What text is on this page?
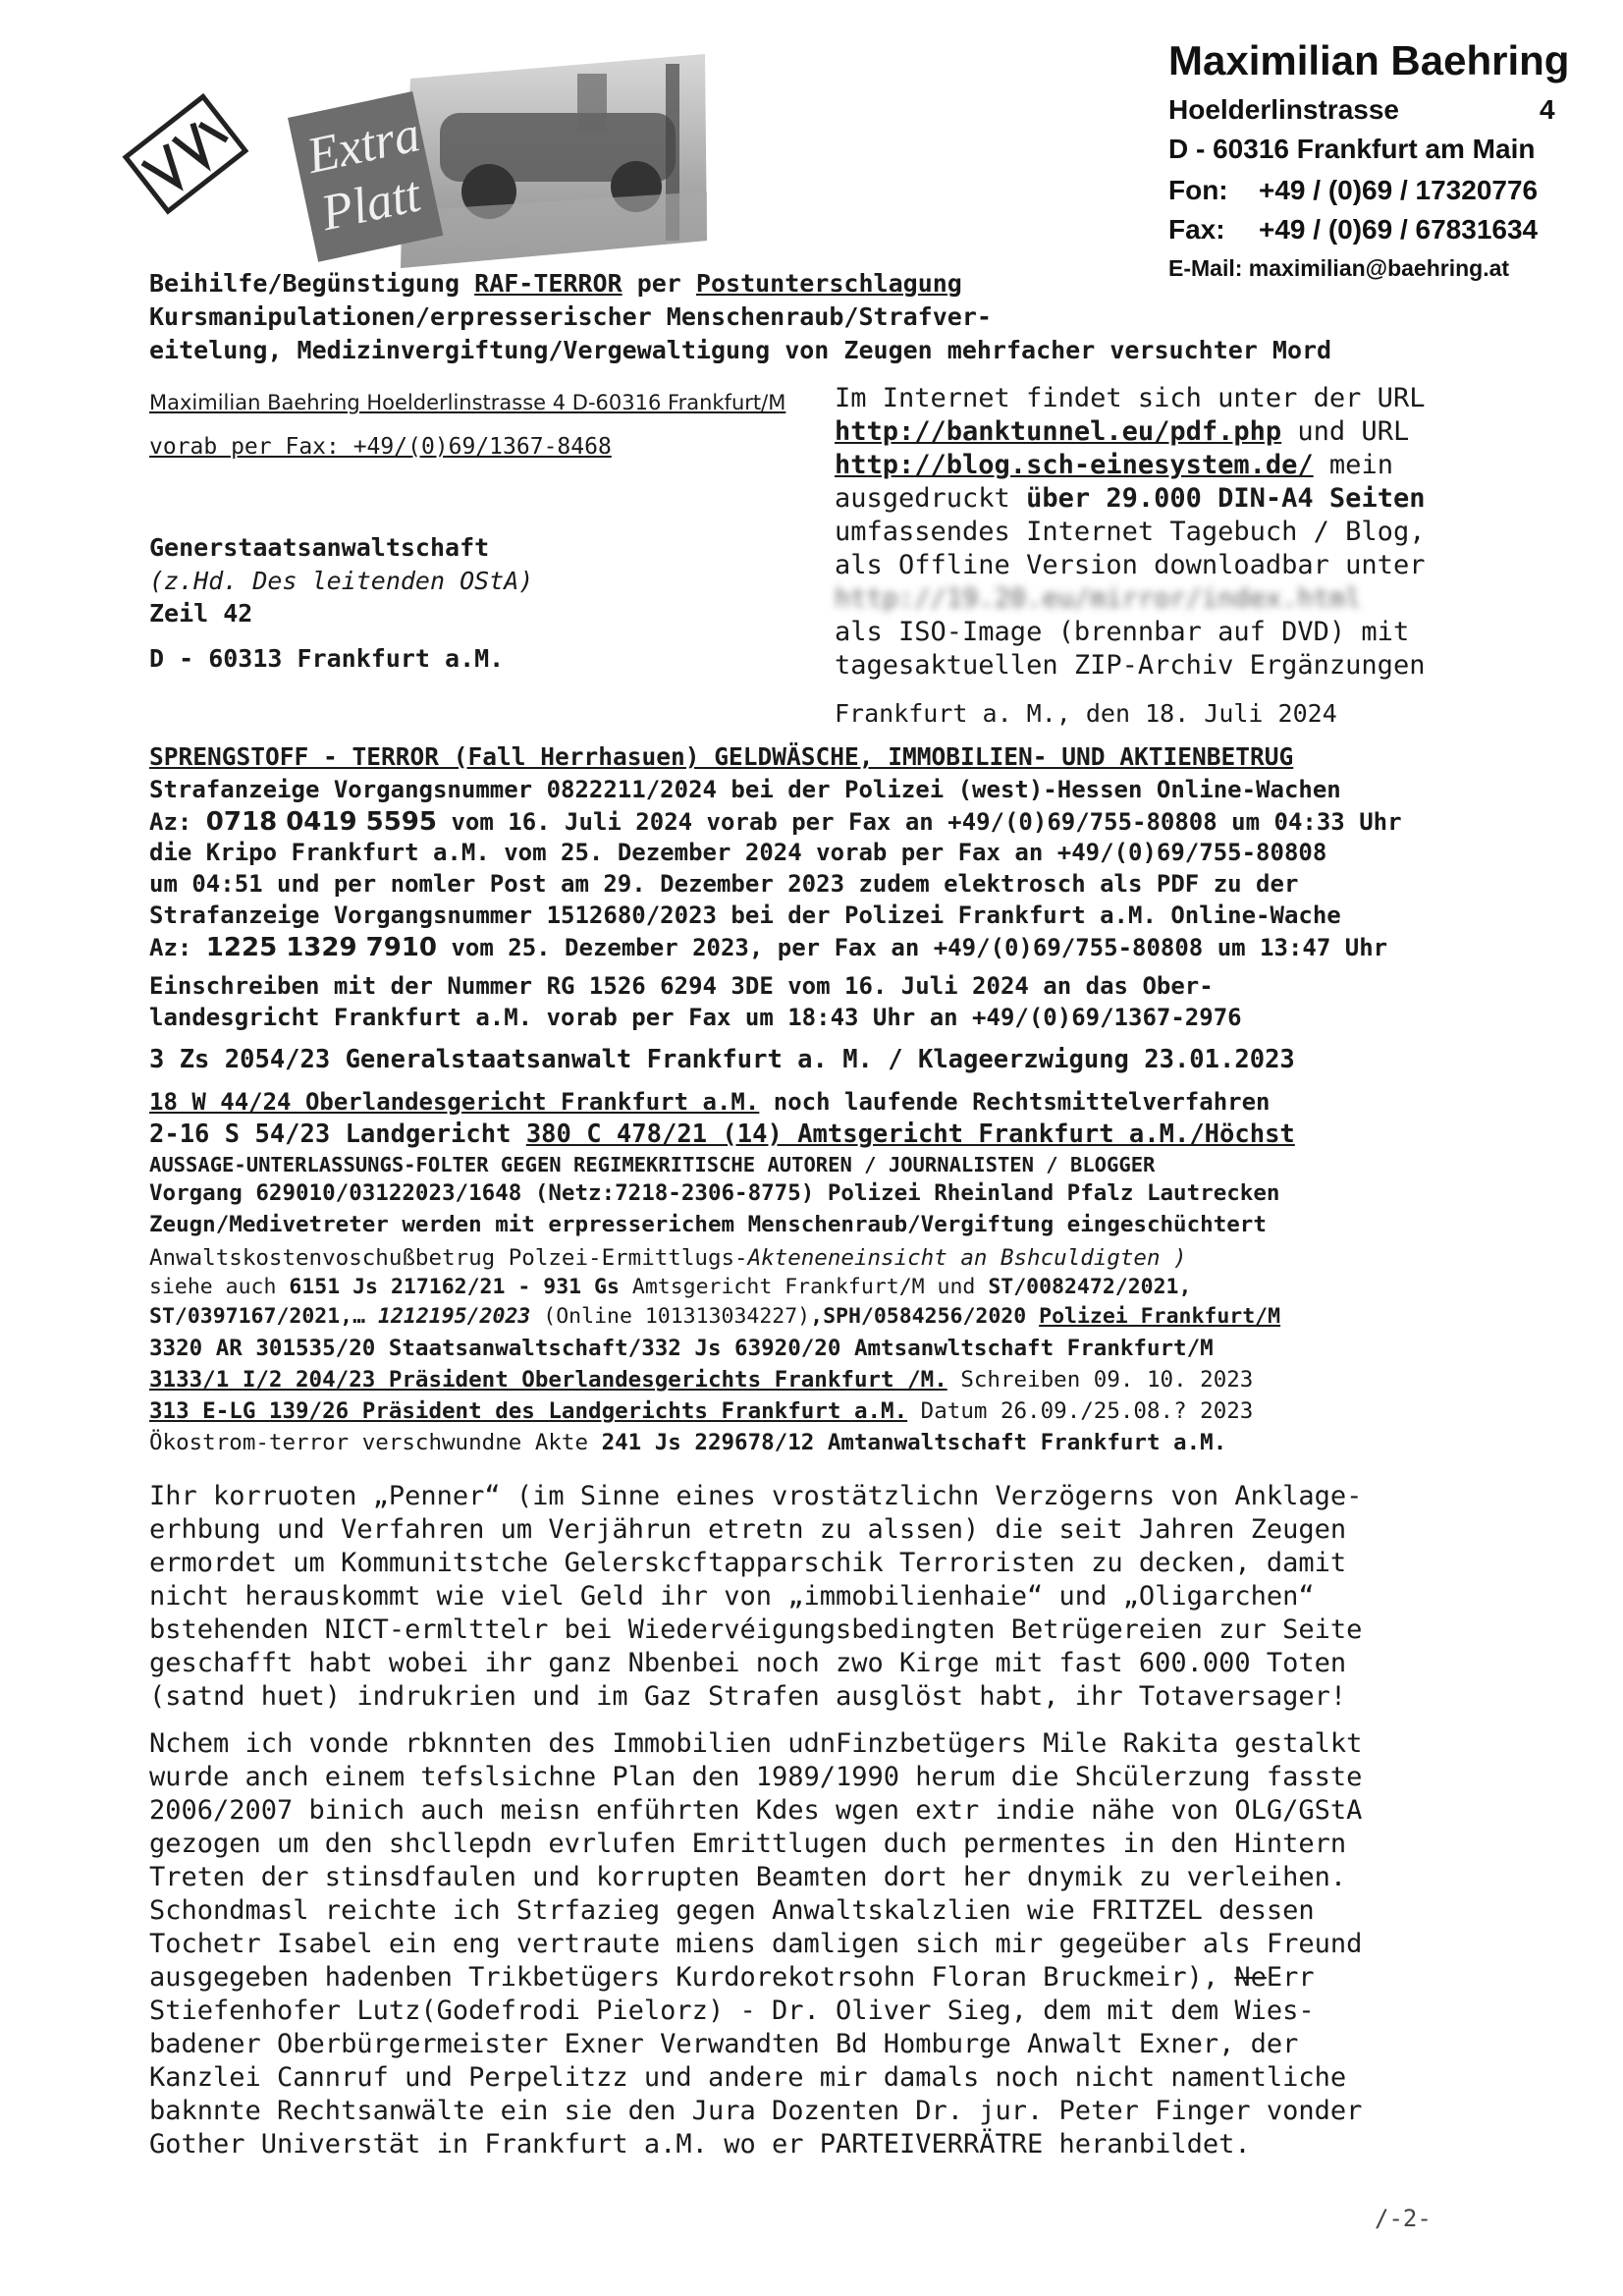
Extra
Platt
Maximilian Baehring
Hoelderlinstrasse	4
D - 60316 Frankfurt am Main
Fon: +49 / (0)69 / 17320776
Fax: +49 / (0)69 / 67831634
E-Mail: maximilian@baehring.at
Beihilfe/Begünstigung RAF-TERROR per Postunterschlagung
Kursmanipulationen/erpresserischer Menschenraub/Strafver-
eitelung, Medizinvergiftung/Vergewaltigung von Zeugen mehrfacher versuchter Mord
Maximilian Baehring Hoelderlinstrasse 4 D-60316 Frankfurt/M
vorab per Fax: +49/(0)69/1367-8468
Generstaatsanwaltschaft
(z.Hd. Des leitenden OStA)
Zeil 42
D - 60313 Frankfurt a.M.
Im Internet findet sich unter der URL
http://banktunnel.eu/pdf.php und URL
http://blog.sch-einesystem.de/ mein
ausgedruckt über 29.000 DIN-A4 Seiten
umfassendes Internet Tagebuch / Blog,
als Offline Version downloadbar unter
http://19.20.eu/mirror/index.html
als ISO-Image (brennbar auf DVD) mit
tagesaktuellen ZIP-Archiv Ergänzungen
Frankfurt a. M., den 18. Juli 2024
SPRENGSTOFF - TERROR (Fall Herrhasuen) GELDWÄSCHE, IMMOBILIEN- UND AKTIENBETRUG
Strafanzeige Vorgangsnummer 0822211/2024 bei der Polizei (west)-Hessen Online-Wachen
Az: 0718 0419 5595 vom 16. Juli 2024 vorab per Fax an +49/(0)69/755-80808 um 04:33 Uhr
die Kripo Frankfurt a.M. vom 25. Dezember 2024 vorab per Fax an +49/(0)69/755-80808
um 04:51 und per nomler Post am 29. Dezember 2023 zudem elektrosch als PDF zu der
Strafanzeige Vorgangsnummer 1512680/2023 bei der Polizei Frankfurt a.M. Online-Wache
Az: 1225 1329 7910 vom 25. Dezember 2023, per Fax an +49/(0)69/755-80808 um 13:47 Uhr
Einschreiben mit der Nummer RG 1526 6294 3DE vom 16. Juli 2024 an das Ober-
landesgricht Frankfurt a.M. vorab per Fax um 18:43 Uhr an +49/(0)69/1367-2976
3 Zs 2054/23 Generalstaatsanwalt Frankfurt a. M. / Klageerzwigung 23.01.2023
18 W 44/24 Oberlandesgericht Frankfurt a.M. noch laufende Rechtsmittelverfahren
2-16 S 54/23 Landgericht 380 C 478/21 (14) Amtsgericht Frankfurt a.M./Höchst
AUSSAGE-UNTERLASSUNGS-FOLTER GEGEN REGIMEKRITISCHE AUTOREN / JOURNALISTEN / BLOGGER
Vorgang 629010/03122023/1648 (Netz:7218-2306-8775) Polizei Rheinland Pfalz Lautrecken
Zeugn/Medivetreter werden mit erpresserichem Menschenraub/Vergiftung eingeschüchtert
Anwaltskostenvoschußbetrug Polzei-Ermittlugs-Akteneneinsicht an Bshculdigten )
siehe auch 6151 Js 217162/21 - 931 Gs Amtsgericht Frankfurt/M und ST/0082472/2021,
ST/0397167/2021,… 1212195/2023 (Online 101313034227),SPH/0584256/2020 Polizei Frankfurt/M
3320 AR 301535/20 Staatsanwaltschaft/332 Js 63920/20 Amtsanwltschaft Frankfurt/M
3133/1 I/2 204/23 Präsident Oberlandesgerichts Frankfurt /M. Schreiben 09. 10. 2023
313 E-LG 139/26 Präsident des Landgerichts Frankfurt a.M. Datum 26.09./25.08.? 2023
Ökostrom-terror verschwundne Akte 241 Js 229678/12 Amtanwaltschaft Frankfurt a.M.
Ihr korruoten „Penner“ (im Sinne eines vrostätzlichn Verzögerns von Anklage-
erhbung und Verfahren um Verjährun etretn zu alssen) die seit Jahren Zeugen
ermordet um Kommunitstche Gelerskcftapparschik Terroristen zu decken, damit
nicht herauskommt wie viel Geld ihr von „immobilienhaie“ und „Oligarchen“
bstehenden NICT-ermlttelr bei Wiedervéigungsbedingten Betrügereien zur Seite
geschafft habt wobei ihr ganz Nbenbei noch zwo Kirge mit fast 600.000 Toten
(satnd huet) indrukrien und im Gaz Strafen ausglöst habt, ihr Totaversager!
Nchem ich vonde rbknnten des Immobilien udnFinzbetügers Mile Rakita gestalkt
wurde anch einem tefslsichne Plan den 1989/1990 herum die Shcülerzung fasste
2006/2007 binich auch meisn enführten Kdes wgen extr indie nähe von OLG/GStA
gezogen um den shcllepdn evrlufen Emrittlugen duch permentes in den Hintern
Treten der stinsdfaulen und korrupten Beamten dort her dnymik zu verleihen.
Schondmasl reichte ich Strfazieg gegen Anwaltskalzlien wie FRITZEL dessen
Tochetr Isabel ein eng vertraute miens damligen sich mir gegeüber als Freund
ausgegeben hadenben Trikbetügers Kurdorekotrsohn Floran Bruckmeir), NeErr
Stiefenhofer Lutz(Godefrodi Pielorz) - Dr. Oliver Sieg, dem mit dem Wies-
badener Oberbürgermeister Exner Verwandten Bd Homburge Anwalt Exner, der
Kanzlei Cannruf und Perpelitzz und andere mir damals noch nicht namentliche
baknnte Rechtsanwälte ein sie den Jura Dozenten Dr. jur. Peter Finger vonder
Gother Universtät in Frankfurt a.M. wo er PARTEIVERRÄTRE heranbildet.
/-2-
